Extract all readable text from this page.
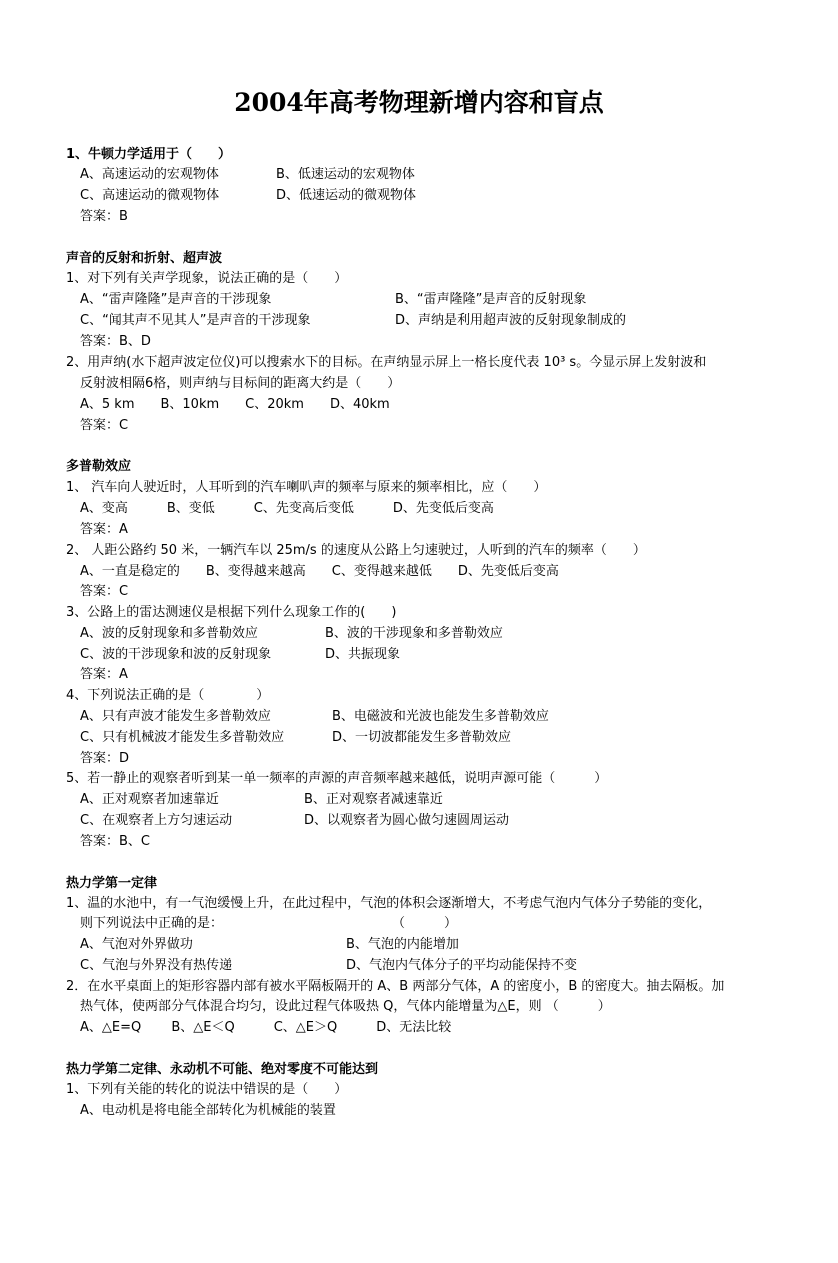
2004年高考物理新增内容和盲点
1、牛顿力学适用于（　　）
A、高速运动的宏观物体	B、低速运动的宏观物体
C、高速运动的微观物体	D、低速运动的微观物体
答案：B
声音的反射和折射、超声波
1、对下列有关声学现象，说法正确的是（　　）
A、“雷声隆隆”是声音的干涉现象	B、“雷声隆隆”是声音的反射现象
C、“闻其声不见其人”是声音的干涉现象	D、声纳是利用超声波的反射现象制成的
答案：B、D
2、用声纳(水下超声波定位仪)可以搜索水下的目标。在声纳显示屏上一格长度代表 10³ s。今显示屏上发射波和
反射波相隔6格，则声纳与目标间的距离大约是（　　）
A、5 km　　B、10km　　C、20km　　D、40km
答案：C
多普勒效应
1、 汽车向人驶近时，人耳听到的汽车喇叭声的频率与原来的频率相比，应（　　）
A、变高　　　B、变低　　　C、先变高后变低　　　D、先变低后变高
答案：A
2、 人距公路约 50 米，一辆汽车以 25m/s 的速度从公路上匀速驶过，人听到的汽车的频率（　　）
A、一直是稳定的　　B、变得越来越高　　C、变得越来越低　　D、先变低后变高
答案：C
3、公路上的雷达测速仪是根据下列什么现象工作的(　　)
A、波的反射现象和多普勒效应	B、波的干涉现象和多普勒效应
C、波的干涉现象和波的反射现象	D、共振现象
答案：A
4、下列说法正确的是（　　　　）
A、只有声波才能发生多普勒效应	B、电磁波和光波也能发生多普勒效应
C、只有机械波才能发生多普勒效应	D、一切波都能发生多普勒效应
答案：D
5、若一静止的观察者听到某一单一频率的声源的声音频率越来越低，说明声源可能（　　　）
A、正对观察者加速靠近	B、正对观察者减速靠近
C、在观察者上方匀速运动	D、以观察者为圆心做匀速圆周运动
答案：B、C
热力学第一定律
1、温的水池中，有一气泡缓慢上升，在此过程中，气泡的体积会逐渐增大，不考虑气泡内气体分子势能的变化，
则下列说法中正确的是：	（　　　）
A、气泡对外界做功	B、气泡的内能增加
C、气泡与外界没有热传递	D、气泡内气体分子的平均动能保持不变
2．在水平桌面上的矩形容器内部有被水平隔板隔开的 A、B 两部分气体，A 的密度小，B 的密度大。抽去隔板。加
热气体，使两部分气体混合均匀，设此过程气体吸热 Q，气体内能增量为△E，则 （　　　）
A、△E=Q　　 B、△E＜Q　　　C、△E＞Q　　　D、无法比较
热力学第二定律、永动机不可能、绝对零度不可能达到
1、下列有关能的转化的说法中错误的是（　　）
A、电动机是将电能全部转化为机械能的装置
